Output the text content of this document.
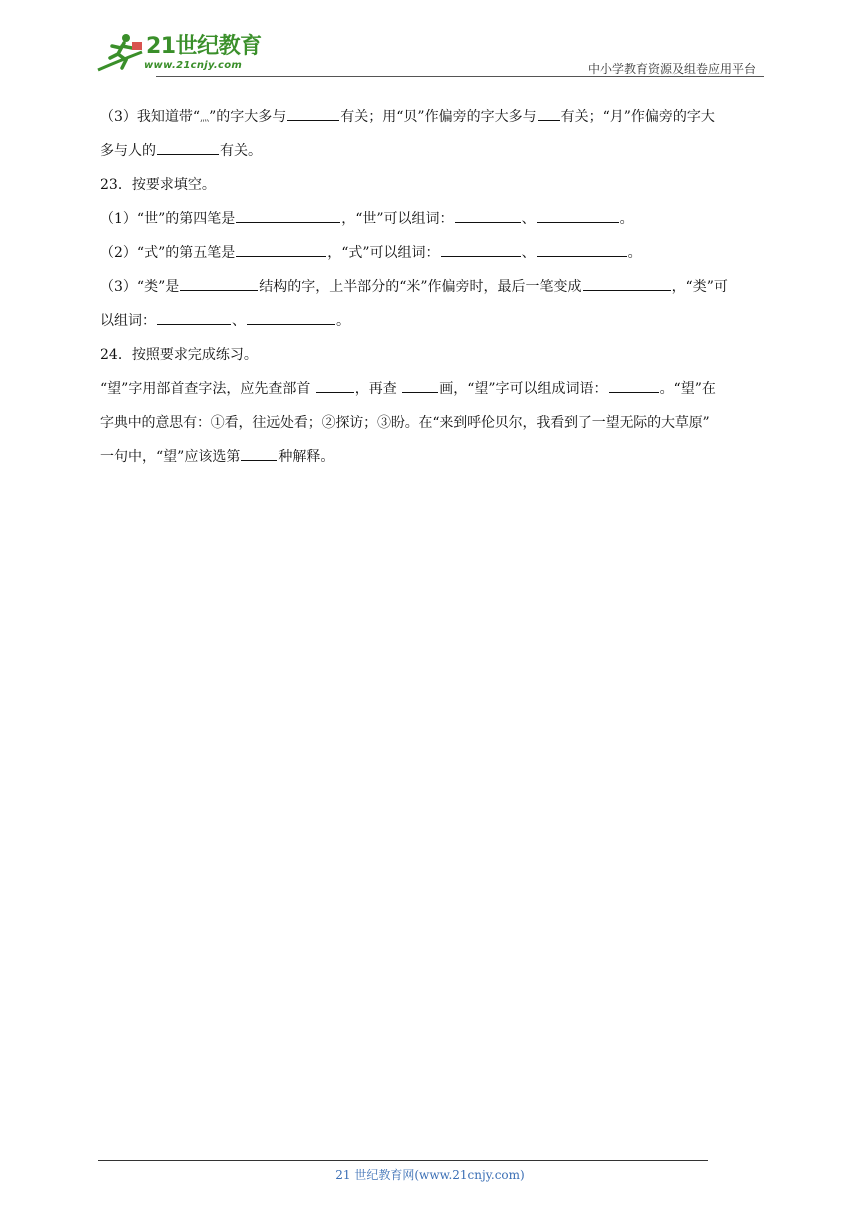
21世纪教育
www.21cnjy.com	中小学教育资源及组卷应用平台
（3）我知道带“灬”的字大多与	有关；用“贝”作偏旁的字大多与 有关；“月”作偏旁的字大
多与人的	有关。
23．按要求填空。
（1）“世”的第四笔是	，“世”可以组词：	、	。
（2）“式”的第五笔是	，“式”可以组词：	、	。
（3）“类”是	结构的字，上半部分的“米”作偏旁时，最后一笔变成	，“类”可
以组词：	、	。
24．按照要求完成练习。
“望”字用部首查字法，应先查部首	，再查	画，“望”字可以组成词语：	。“望”在
字典中的意思有：①看，往远处看；②探访；③盼。在“来到呼伦贝尔，我看到了一望无际的大草原”
一句中，“望”应该选第	种解释。
21 世纪教育网(www.21cnjy.com)
